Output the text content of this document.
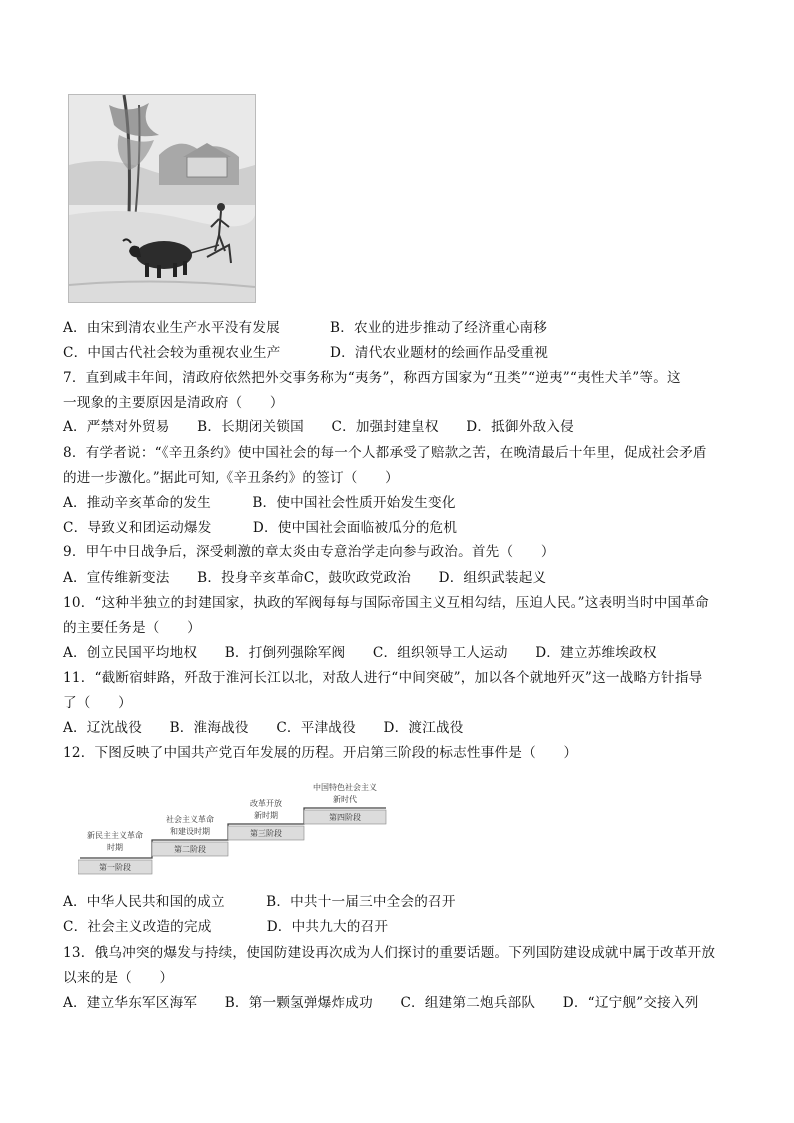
A．由宋到清农业生产水平没有发展	B．农业的进步推动了经济重心南移
C．中国古代社会较为重视农业生产	D．清代农业题材的绘画作品受重视
7．直到咸丰年间，清政府依然把外交事务称为“夷务”，称西方国家为“丑类”“逆夷”“夷性犬羊”等。这
一现象的主要原因是清政府（　　）
A．严禁对外贸易　　B．长期闭关锁国　　C．加强封建皇权　　D．抵御外敌入侵
8．有学者说：“《辛丑条约》使中国社会的每一个人都承受了赔款之苦，在晚清最后十年里，促成社会矛盾
的进一步激化。”据此可知,《辛丑条约》的签订（　　）
A．推动辛亥革命的发生　　　B．使中国社会性质开始发生变化
C．导致义和团运动爆发　　　D．使中国社会面临被瓜分的危机
9．甲午中日战争后，深受刺激的章太炎由专意治学走向参与政治。首先（　　）
A．宣传维新变法　　B．投身辛亥革命C，鼓吹政党政治　　D．组织武装起义
10．“这种半独立的封建国家，执政的军阀每每与国际帝国主义互相勾结，压迫人民。”这表明当时中国革命
的主要任务是（　　）
A．创立民国平均地权　　B．打倒列强除军阀　　C．组织领导工人运动　　D．建立苏维埃政权
11．“截断宿蚌路，歼敌于淮河长江以北，对敌人进行“中间突破”，加以各个就地歼灭”这一战略方针指导
了（　　）
A．辽沈战役　　B．淮海战役　　C．平津战役　　D．渡江战役
12．下图反映了中国共产党百年发展的历程。开启第三阶段的标志性事件是（　　）
新民主主义革命
时期
第一阶段
社会主义革命
和建设时期
第二阶段
改革开放
新时期
第三阶段
中国特色社会主义
新时代
第四阶段
A．中华人民共和国的成立　　　B．中共十一届三中全会的召开
C．社会主义改造的完成　　　　D．中共九大的召开
13．俄乌冲突的爆发与持续，使国防建设再次成为人们探讨的重要话题。下列国防建设成就中属于改革开放
以来的是（　　）
A．建立华东军区海军　　B．第一颗氢弹爆炸成功　　C．组建第二炮兵部队　　D．“辽宁舰”交接入列
